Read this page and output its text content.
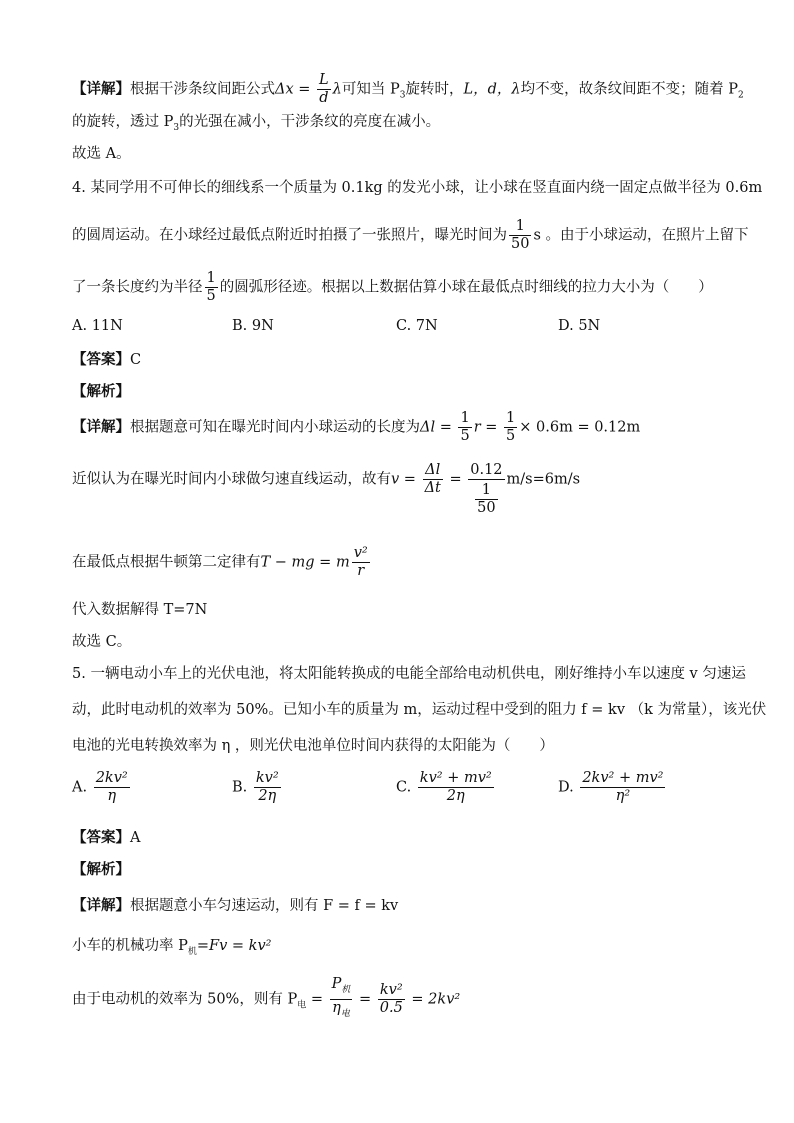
【详解】根据干涉条纹间距公式$\Delta x = \frac{L}{d}$ λ可知当 $P_3$旋转时，L，d，λ均不变，故条纹间距不变；随着 $P_2$
的旋转，透过 $P_3$的光强在减小，干涉条纹的亮度在减小。
故选 A。
4. 某同学用不可伸长的细线系一个质量为 0.1kg 的发光小球，让小球在竖直面内绕一固定点做半径为 0.6m
的圆周运动。在小球经过最低点附近时拍摄了一张照片，曝光时间为 $\frac{1}{50}$ s 。由于小球运动，在照片上留下
了一条长度约为半径 $\frac{1}{5}$ 的圆弧形径迹。根据以上数据估算小球在最低点时细线的拉力大小为（　　）
A. 11N	B. 9N	C. 7N	D. 5N
【答案】C
【解析】
【详解】根据题意可知在曝光时间内小球运动的长度为$\Delta l = \frac{1}{5}$ $r = \frac{1}{5} \times 0.6m = 0.12m$
近似认为在曝光时间内小球做匀速直线运动，故有$v = \frac{\Delta l}{\Delta t} = \frac{0.12}{\frac{1}{50}} m/s=6m/s$
在最低点根据牛顿第二定律有T − mg = m $\frac{\text{v²}}{r}$
代入数据解得 T=7N
故选 C。
5. 一辆电动小车上的光伏电池，将太阳能转换成的电能全部给电动机供电，刚好维持小车以速度 v 匀速运
动，此时电动机的效率为 50%。已知小车的质量为 m，运动过程中受到的阻力 f = kv （k 为常量），该光伏
电池的光电转换效率为 η ，则光伏电池单位时间内获得的太阳能为（　　）
A. $\frac{\text{2kv²}}{\eta}$	B. $\frac{\text{kv²}}{2\eta}$	C. $\frac{\text{kv² + mv²}}{2\eta}$	D. $\frac{\text{2kv² + mv²}}{\text{η²}}$
【答案】A
【解析】
【详解】根据题意小车匀速运动，则有 F = f = kv
小车的机械功率 $P_机=Fv = kv^2$
由于电动机的效率为 50%，则有 $P_电 = \frac{P_机}{\eta_电} = \frac{\text{kv²}}{0.5} = 2kv^2$
